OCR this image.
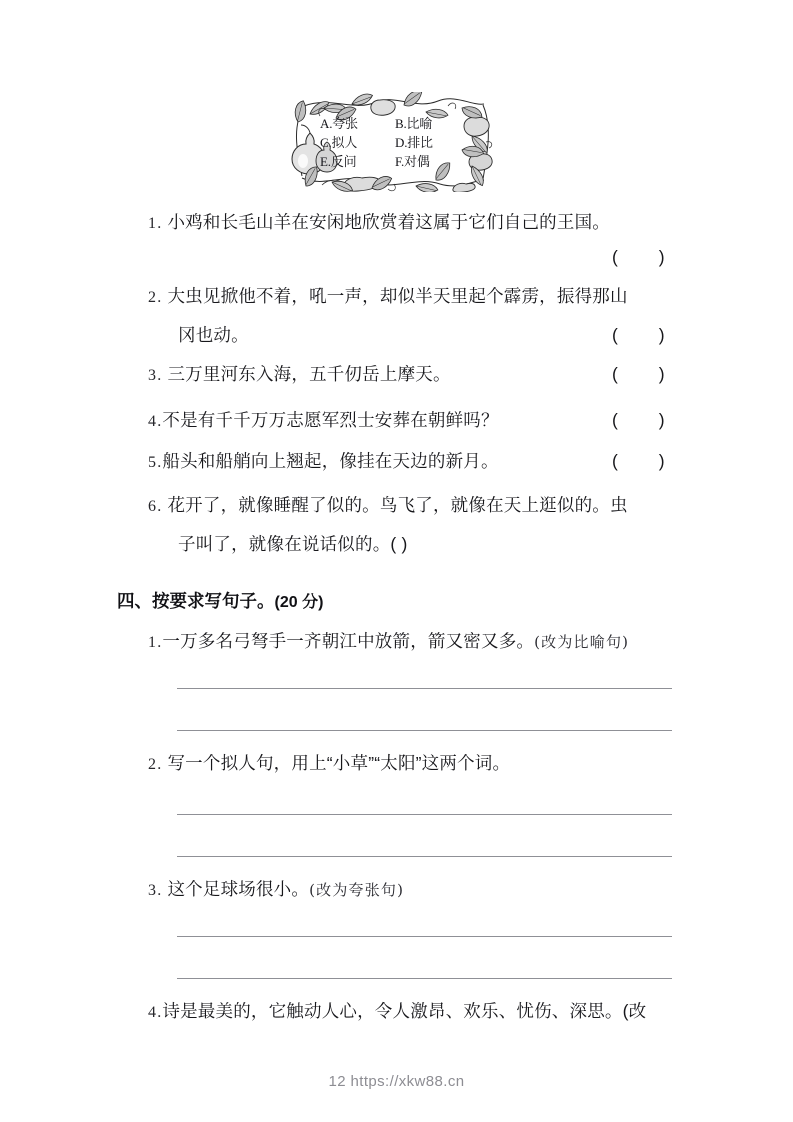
A.夸张	B.比喻
C.拟人	D.排比
E.反问	F.对偶
1. 小鸡和长毛山羊在安闲地欣赏着这属于它们自己的王国。
( )
2. 大虫见掀他不着，吼一声，却似半天里起个霹雳，振得那山
冈也动。	( )
3. 三万里河东入海，五千仞岳上摩天。	( )
4.不是有千千万万志愿军烈士安葬在朝鲜吗？	( )
5.船头和船艄向上翘起，像挂在天边的新月。	( )
6. 花开了，就像睡醒了似的。鸟飞了，就像在天上逛似的。虫
子叫了，就像在说话似的。( )
四、按要求写句子。(20 分)
1.一万多名弓弩手一齐朝江中放箭，箭又密又多。(改为比喻句)
2. 写一个拟人句，用上“小草”“太阳”这两个词。
3. 这个足球场很小。(改为夸张句)
4.诗是最美的，它触动人心，令人激昂、欢乐、忧伤、深思。(改
12 https://xkw88.cn
